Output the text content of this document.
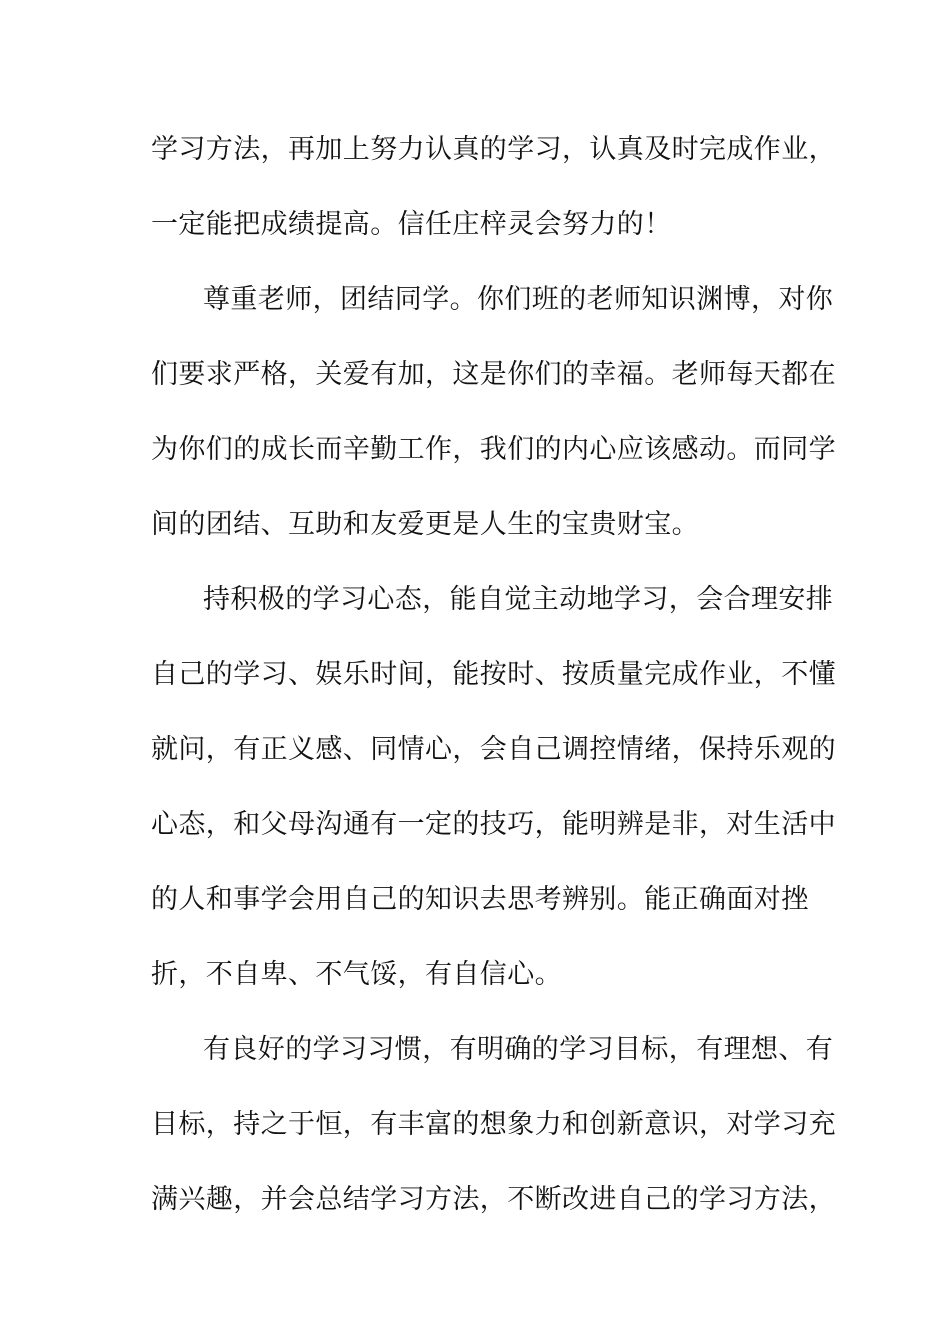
学习方法，再加上努力认真的学习，认真及时完成作业，
一定能把成绩提高。信任庄梓灵会努力的！
尊重老师，团结同学。你们班的老师知识渊博，对你
们要求严格，关爱有加，这是你们的幸福。老师每天都在
为你们的成长而辛勤工作，我们的内心应该感动。而同学
间的团结、互助和友爱更是人生的宝贵财宝。
持积极的学习心态，能自觉主动地学习，会合理安排
自己的学习、娱乐时间，能按时、按质量完成作业，不懂
就问，有正义感、同情心，会自己调控情绪，保持乐观的
心态，和父母沟通有一定的技巧，能明辨是非，对生活中
的人和事学会用自己的知识去思考辨别。能正确面对挫
折，不自卑、不气馁，有自信心。
有良好的学习习惯，有明确的学习目标，有理想、有
目标，持之于恒，有丰富的想象力和创新意识，对学习充
满兴趣，并会总结学习方法，不断改进自己的学习方法，
